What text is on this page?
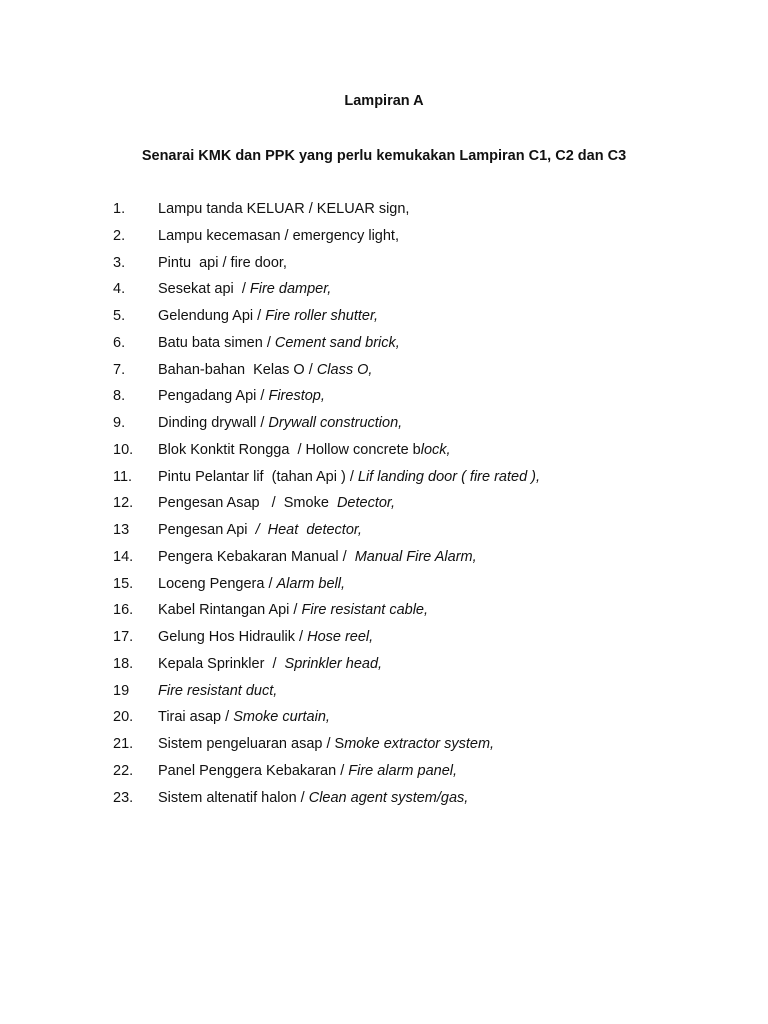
Lampiran A
Senarai KMK dan PPK yang perlu kemukakan Lampiran C1, C2 dan C3
1. Lampu tanda KELUAR / KELUAR sign,
2. Lampu kecemasan / emergency light,
3. Pintu  api / fire door,
4. Sesekat api  / Fire damper,
5. Gelendung Api / Fire roller shutter,
6. Batu bata simen / Cement sand brick,
7. Bahan-bahan  Kelas O / Class O,
8. Pengadang Api / Firestop,
9. Dinding drywall / Drywall construction,
10. Blok Konktit Rongga  / Hollow concrete block,
11. Pintu Pelantar lif  (tahan Api ) / Lif landing door ( fire rated ),
12. Pengesan Asap   /  Smoke  Detector,
13 Pengesan Api  /  Heat  detector,
14. Pengera Kebakaran Manual /  Manual Fire Alarm,
15. Loceng Pengera / Alarm bell,
16. Kabel Rintangan Api / Fire resistant cable,
17. Gelung Hos Hidraulik / Hose reel,
18. Kepala Sprinkler  /  Sprinkler head,
19 Fire resistant duct,
20. Tirai asap / Smoke curtain,
21. Sistem pengeluaran asap / Smoke extractor system,
22. Panel Penggera Kebakaran / Fire alarm panel,
23. Sistem altenatif halon / Clean agent system/gas,
